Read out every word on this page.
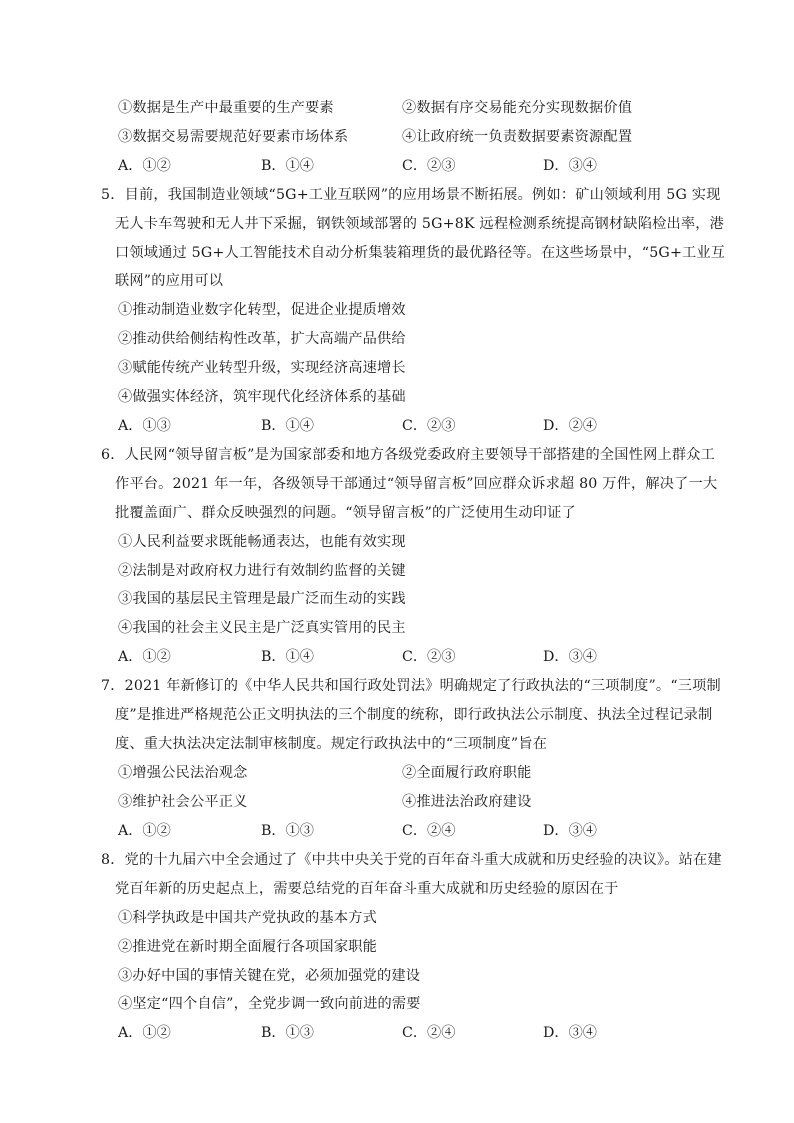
①数据是生产中最重要的生产要素	②数据有序交易能充分实现数据价值
③数据交易需要规范好要素市场体系	④让政府统一负责数据要素资源配置
A．①②	B．①④	C．②③	D．③④
5．目前，我国制造业领域“5G+工业互联网”的应用场景不断拓展。例如：矿山领域利用 5G 实现
无人卡车驾驶和无人井下采掘，钢铁领域部署的 5G+8K 远程检测系统提高钢材缺陷检出率，港
口领域通过 5G+人工智能技术自动分析集装箱理货的最优路径等。在这些场景中，“5G+工业互
联网”的应用可以
①推动制造业数字化转型，促进企业提质增效
②推动供给侧结构性改革，扩大高端产品供给
③赋能传统产业转型升级，实现经济高速增长
④做强实体经济，筑牢现代化经济体系的基础
A．①③	B．①④	C．②③	D．②④
6．人民网“领导留言板”是为国家部委和地方各级党委政府主要领导干部搭建的全国性网上群众工
作平台。2021 年一年，各级领导干部通过“领导留言板”回应群众诉求超 80 万件，解决了一大
批覆盖面广、群众反映强烈的问题。“领导留言板”的广泛使用生动印证了
①人民利益要求既能畅通表达，也能有效实现
②法制是对政府权力进行有效制约监督的关键
③我国的基层民主管理是最广泛而生动的实践
④我国的社会主义民主是广泛真实管用的民主
A．①②	B．①④	C．②③	D．③④
7．2021 年新修订的《中华人民共和国行政处罚法》明确规定了行政执法的“三项制度”。“三项制
度”是推进严格规范公正文明执法的三个制度的统称，即行政执法公示制度、执法全过程记录制
度、重大执法决定法制审核制度。规定行政执法中的“三项制度”旨在
①增强公民法治观念	②全面履行政府职能
③维护社会公平正义	④推进法治政府建设
A．①②	B．①③	C．②④	D．③④
8．党的十九届六中全会通过了《中共中央关于党的百年奋斗重大成就和历史经验的决议》。站在建
党百年新的历史起点上，需要总结党的百年奋斗重大成就和历史经验的原因在于
①科学执政是中国共产党执政的基本方式
②推进党在新时期全面履行各项国家职能
③办好中国的事情关键在党，必须加强党的建设
④坚定“四个自信”，全党步调一致向前进的需要
A．①②	B．①③	C．②④	D．③④
